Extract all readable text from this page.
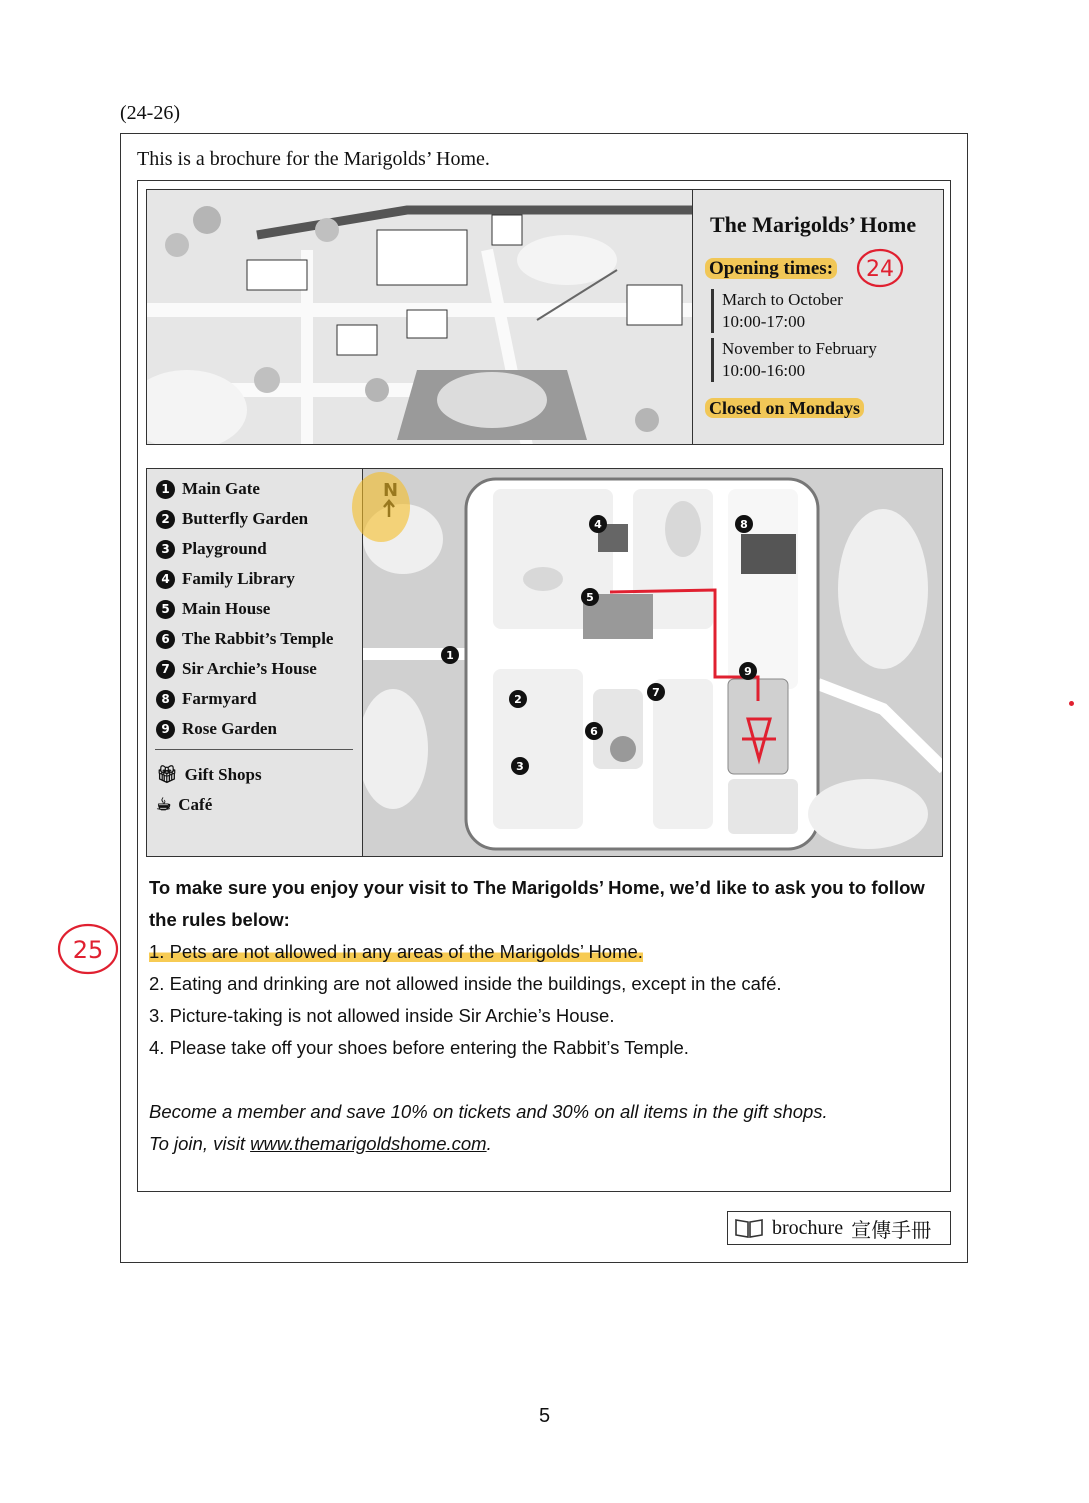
(24-26)
This is a brochure for the Marigolds’ Home.
The Marigolds’ Home
Opening times:
March to October
10:00-17:00
November to February
10:00-16:00
Closed on Mondays
24
1 Main Gate
2 Butterfly Garden
3 Playground
4 Family Library
5 Main House
6 The Rabbit’s Temple
7 Sir Archie’s House
8 Farmyard
9 Rose Garden
🎁︎ Gift Shops
☕︎ Café
1
2
3
4
5
6
7
8
9
To make sure you enjoy your visit to The Marigolds’ Home, we’d like to ask you to follow the rules below:
1. Pets are not allowed in any areas of the Marigolds’ Home.
2. Eating and drinking are not allowed inside the buildings, except in the café.
3. Picture-taking is not allowed inside Sir Archie’s House.
4. Please take off your shoes before entering the Rabbit’s Temple.
25
Become a member and save 10% on tickets and 30% on all items in the gift shops.
To join, visit www.themarigoldshome.com.
brochure 宣傳手冊
5
